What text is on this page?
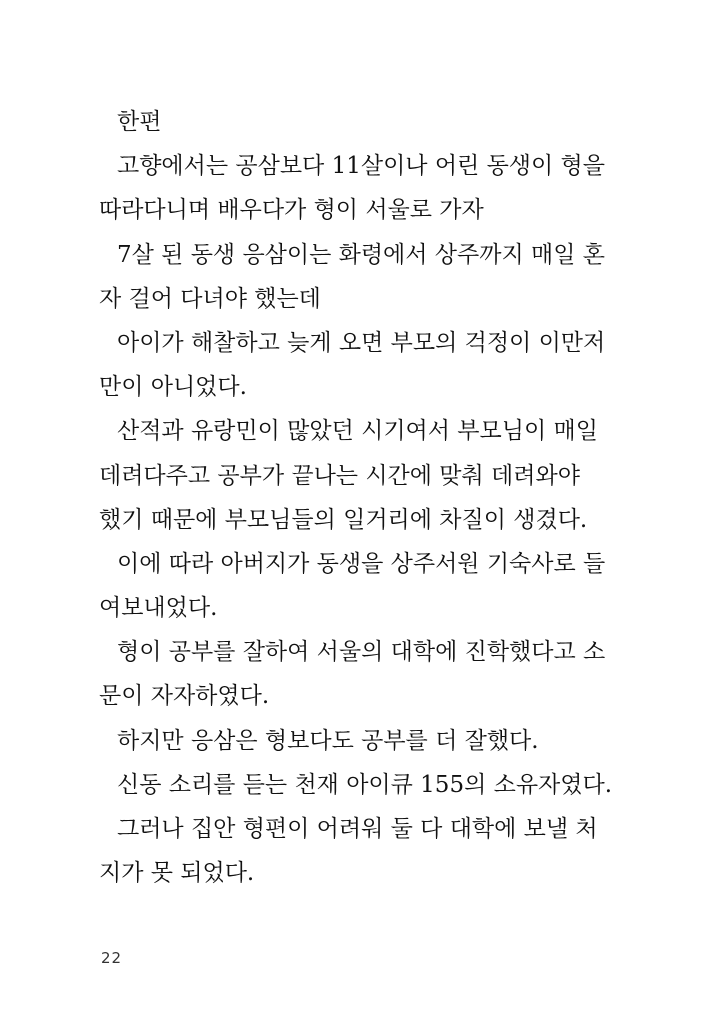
한편
고향에서는 공삼보다 11살이나 어린 동생이 형을
따라다니며 배우다가 형이 서울로 가자
7살 된 동생 응삼이는 화령에서 상주까지 매일 혼
자 걸어 다녀야 했는데
아이가 해찰하고 늦게 오면 부모의 걱정이 이만저
만이 아니었다.
산적과 유랑민이 많았던 시기여서 부모님이 매일
데려다주고 공부가 끝나는 시간에 맞춰 데려와야
했기 때문에 부모님들의 일거리에 차질이 생겼다.
이에 따라 아버지가 동생을 상주서원 기숙사로 들
여보내었다.
형이 공부를 잘하여 서울의 대학에 진학했다고 소
문이 자자하였다.
하지만 응삼은 형보다도 공부를 더 잘했다.
신동 소리를 듣는 천재 아이큐 155의 소유자였다.
그러나 집안 형편이 어려워 둘 다 대학에 보낼 처
지가 못 되었다.
22
